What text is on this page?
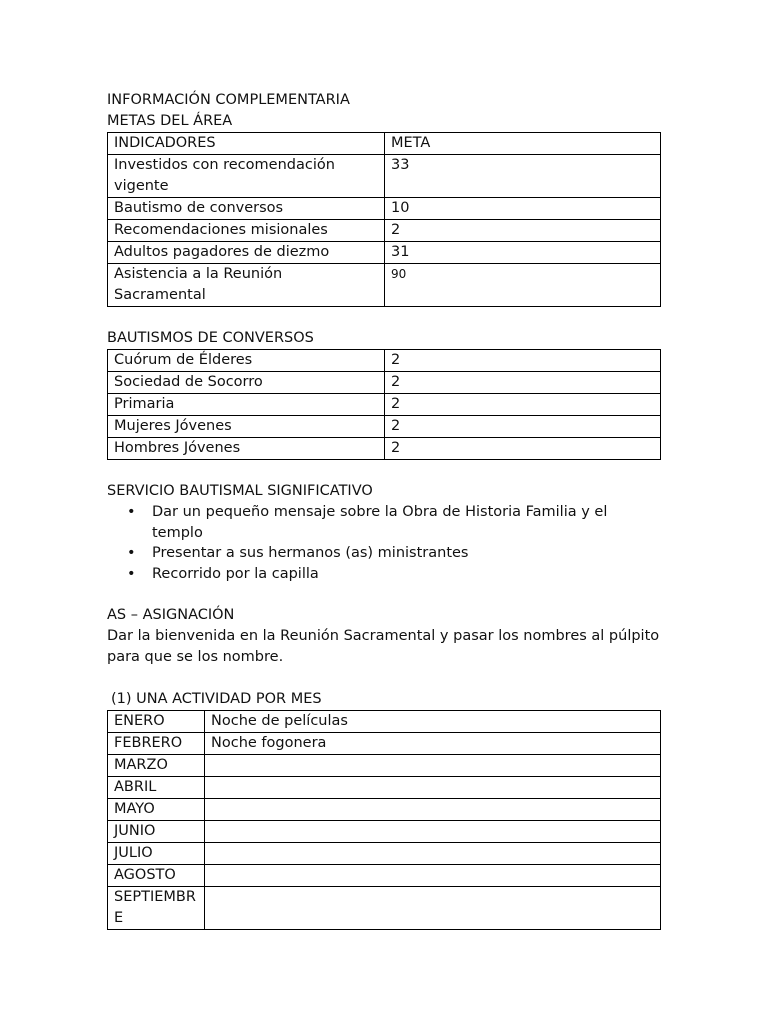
INFORMACIÓN COMPLEMENTARIA
METAS DEL ÁREA
INDICADORES	META
Investidos con recomendación vigente	33
Bautismo de conversos	10
Recomendaciones misionales	2
Adultos pagadores de diezmo	31
Asistencia a la Reunión Sacramental	90
BAUTISMOS DE CONVERSOS
Cuórum de Élderes	2
Sociedad de Socorro	2
Primaria	2
Mujeres Jóvenes	2
Hombres Jóvenes	2
SERVICIO BAUTISMAL SIGNIFICATIVO
• Dar un pequeño mensaje sobre la Obra de Historia Familia y el templo
• Presentar a sus hermanos (as) ministrantes
• Recorrido por la capilla
AS – ASIGNACIÓN
Dar la bienvenida en la Reunión Sacramental y pasar los nombres al púlpito para que se los nombre.
(1) UNA ACTIVIDAD POR MES
ENERO	Noche de películas
FEBRERO	Noche fogonera
MARZO	
ABRIL	
MAYO	
JUNIO	
JULIO	
AGOSTO	
SEPTIEMBRE	
